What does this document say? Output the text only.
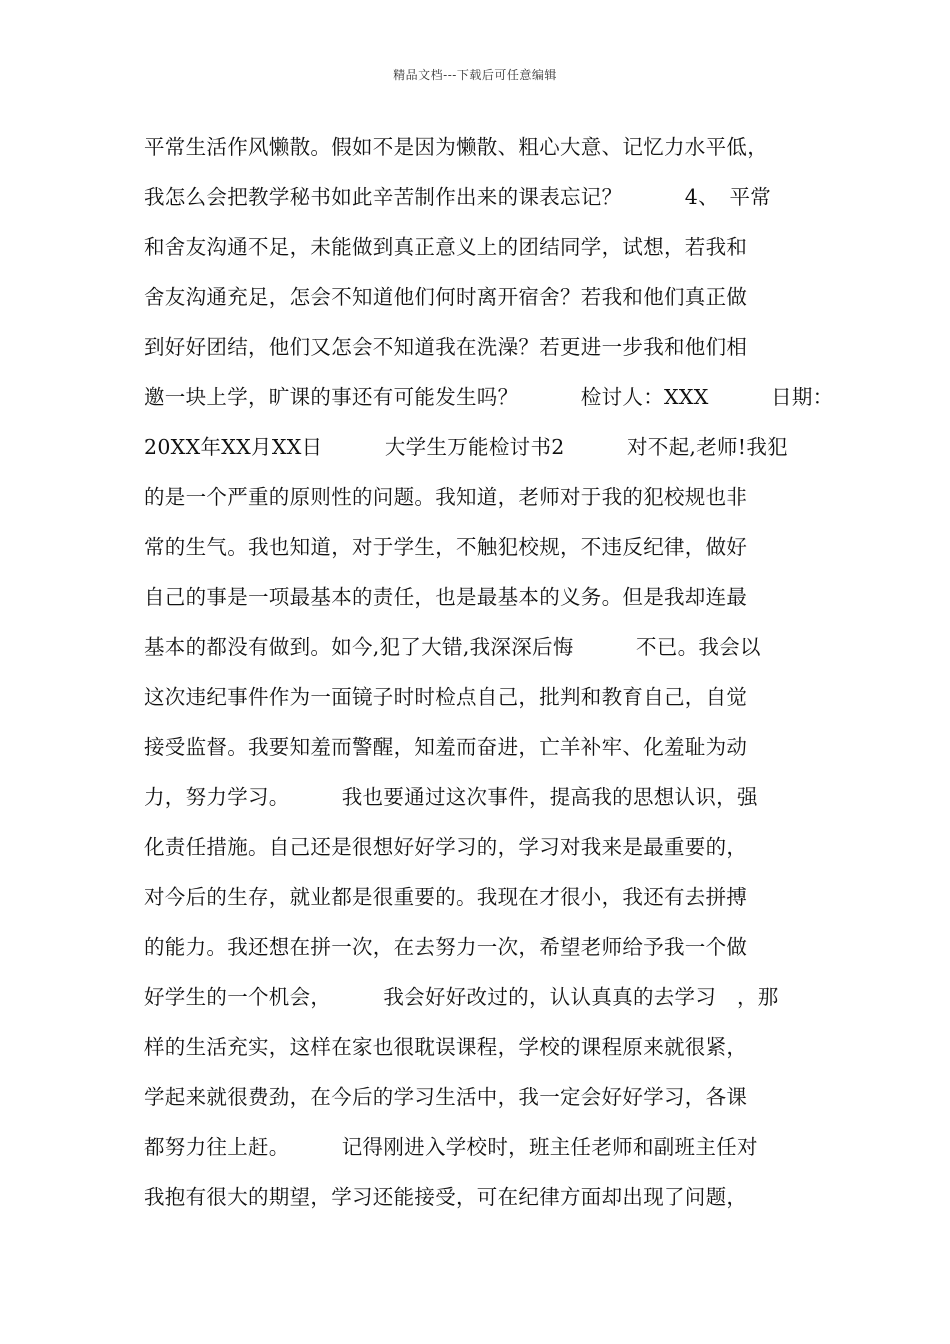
精品文档---下载后可任意编辑
平常生活作风懒散。假如不是因为懒散、粗心大意、记忆力水平低，
我怎么会把教学秘书如此辛苦制作出来的课表忘记？　　　4、　平常
和舍友沟通不足，未能做到真正意义上的团结同学，试想，若我和
舍友沟通充足，怎会不知道他们何时离开宿舍？若我和他们真正做
到好好团结，他们又怎会不知道我在洗澡？若更进一步我和他们相
邀一块上学，旷课的事还有可能发生吗？　　　检讨人：XXX　　　日期：
20XX年XX月XX日　　　大学生万能检讨书2　　　对不起,老师!我犯
的是一个严重的原则性的问题。我知道，老师对于我的犯校规也非
常的生气。我也知道，对于学生，不触犯校规，不违反纪律，做好
自己的事是一项最基本的责任，也是最基本的义务。但是我却连最
基本的都没有做到。如今,犯了大错,我深深后悔　　　不已。我会以
这次违纪事件作为一面镜子时时检点自己，批判和教育自己，自觉
接受监督。我要知羞而警醒，知羞而奋进，亡羊补牢、化羞耻为动
力，努力学习。　　　我也要通过这次事件，提高我的思想认识，强
化责任措施。自己还是很想好好学习的，学习对我来是最重要的，
对今后的生存，就业都是很重要的。我现在才很小，我还有去拼搏
的能力。我还想在拼一次，在去努力一次，希望老师给予我一个做
好学生的一个机会，　　　我会好好改过的，认认真真的去学习　，那
样的生活充实，这样在家也很耽误课程，学校的课程原来就很紧，
学起来就很费劲，在今后的学习生活中，我一定会好好学习，各课
都努力往上赶。　　　记得刚进入学校时，班主任老师和副班主任对
我抱有很大的期望，学习还能接受，可在纪律方面却出现了问题，
